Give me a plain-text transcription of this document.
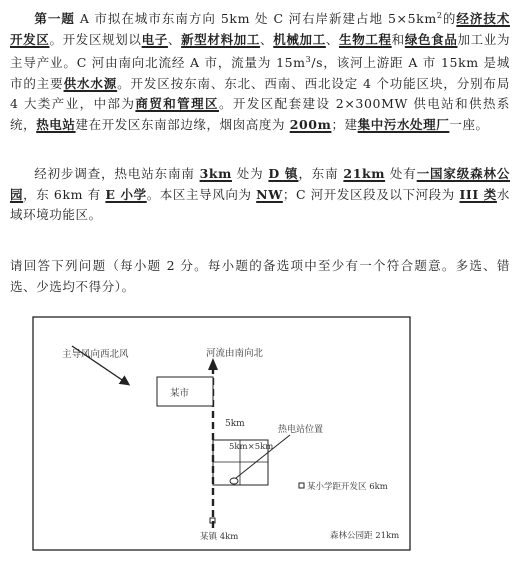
第一题 A 市拟在城市东南方向 5km 处 C 河右岸新建占地 $5\times 5km^2$的经济技术开发区。开发区规划以电子、新型材料加工、机械加工、生物工程和绿色食品加工业为主导产业。C 河由南向北流经 A 市，流量为 $15m^3/s$，该河上游距 A 市 15km 是城市的主要供水水源。开发区按东南、东北、西南、西北设定 4 个功能区块，分别布局 4 大类产业，中部为商贸和管理区。开发区配套建设 2×300MW 供电站和供热系统，热电站建在开发区东南部边缘，烟囱高度为 200m；建集中污水处理厂一座。
经初步调查，热电站东南南 3km 处为 D 镇，东南 21km 处有一国家级森林公园，东 6km 有 E 小学。本区主导风向为 NW；C 河开发区段及以下河段为 III 类水域环境功能区。
请回答下列问题（每小题 2 分。每小题的备选项中至少有一个符合题意。多选、错选、少选均不得分）。
主导风向西北风	河流由南向北
某市
5km
5km×5km
热电站位置
某小学距开发区 6km
某镇 4km	森林公园距 21km
